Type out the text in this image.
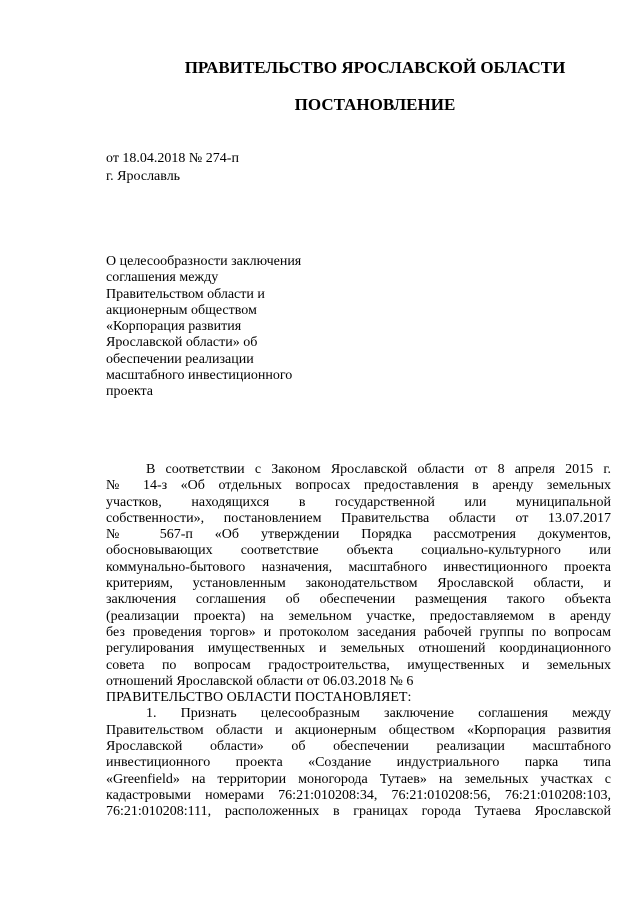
ПРАВИТЕЛЬСТВО ЯРОСЛАВСКОЙ ОБЛАСТИ
ПОСТАНОВЛЕНИЕ
от 18.04.2018 № 274-п
г. Ярославль
О целесообразности заключения
соглашения между
Правительством области и
акционерным обществом
«Корпорация развития
Ярославской области» об
обеспечении реализации
масштабного инвестиционного
проекта
В соответствии с Законом Ярославской области от 8 апреля 2015 г.
№ 14-з «Об отдельных вопросах предоставления в аренду земельных
участков, находящихся в государственной или муниципальной
собственности», постановлением Правительства области от 13.07.2017
№ 567-п «Об утверждении Порядка рассмотрения документов,
обосновывающих соответствие объекта социально-культурного или
коммунально-бытового назначения, масштабного инвестиционного проекта
критериям, установленным законодательством Ярославской области, и
заключения соглашения об обеспечении размещения такого объекта
(реализации проекта) на земельном участке, предоставляемом в аренду
без проведения торгов» и протоколом заседания рабочей группы по вопросам
регулирования имущественных и земельных отношений координационного
совета по вопросам градостроительства, имущественных и земельных
отношений Ярославской области от 06.03.2018 № 6
ПРАВИТЕЛЬСТВО ОБЛАСТИ ПОСТАНОВЛЯЕТ:
1. Признать целесообразным заключение соглашения между
Правительством области и акционерным обществом «Корпорация развития
Ярославской области» об обеспечении реализации масштабного
инвестиционного проекта «Создание индустриального парка типа
«Greenfield» на территории моногорода Тутаев» на земельных участках с
кадастровыми номерами 76:21:010208:34, 76:21:010208:56, 76:21:010208:103,
76:21:010208:111, расположенных в границах города Тутаева Ярославской
